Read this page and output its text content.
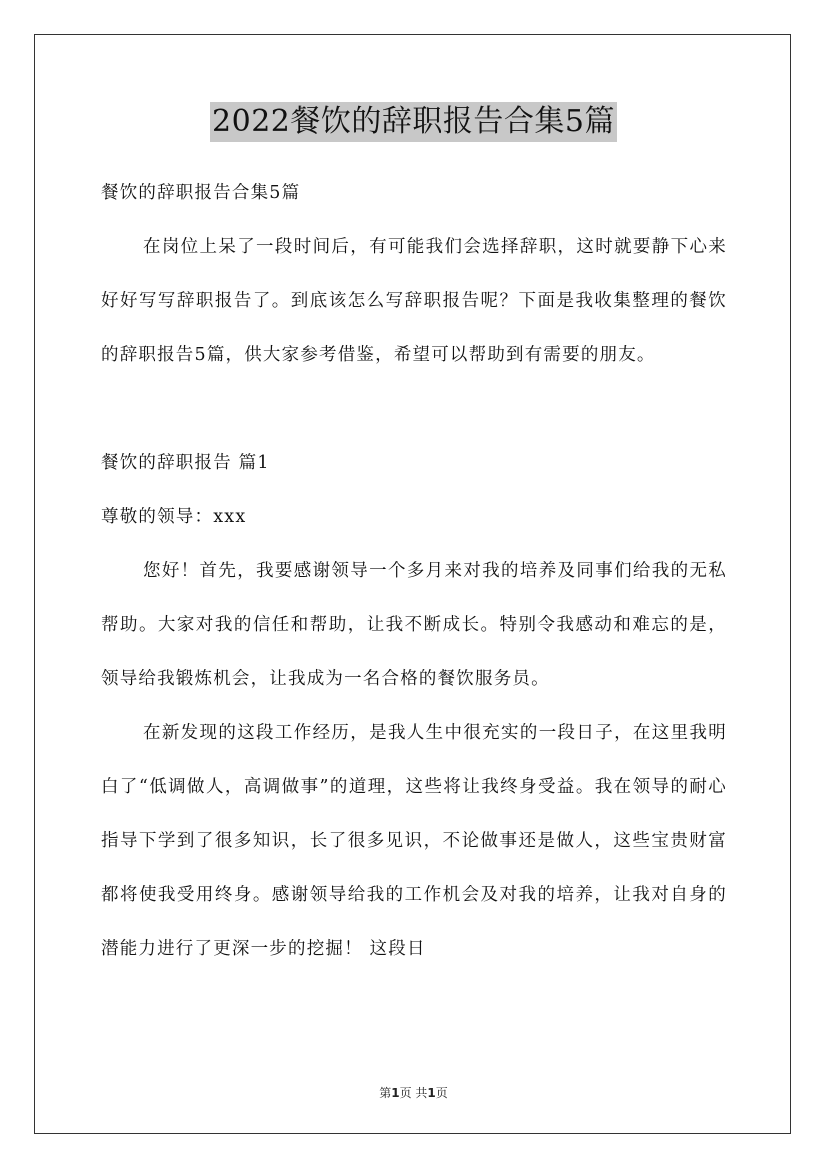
2022餐饮的辞职报告合集5篇
餐饮的辞职报告合集5篇
在岗位上呆了一段时间后，有可能我们会选择辞职，这时就要静下心来好好写写辞职报告了。到底该怎么写辞职报告呢？下面是我收集整理的餐饮的辞职报告5篇，供大家参考借鉴，希望可以帮助到有需要的朋友。
餐饮的辞职报告 篇1
尊敬的领导：xxx
您好！首先，我要感谢领导一个多月来对我的培养及同事们给我的无私帮助。大家对我的信任和帮助，让我不断成长。特别令我感动和难忘的是，领导给我锻炼机会，让我成为一名合格的餐饮服务员。
在新发现的这段工作经历，是我人生中很充实的一段日子，在这里我明白了“低调做人，高调做事”的道理，这些将让我终身受益。我在领导的耐心指导下学到了很多知识，长了很多见识，不论做事还是做人，这些宝贵财富都将使我受用终身。感谢领导给我的工作机会及对我的培养，让我对自身的潜能力进行了更深一步的挖掘！ 这段日
第1页 共1页
